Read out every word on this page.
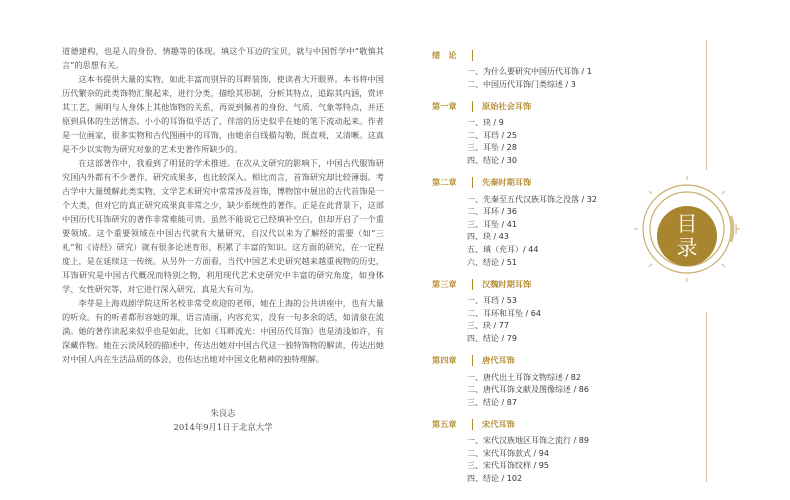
道德建构，也是人的身份、情趣等的体现。填这个耳边的宝贝，就与中国哲学中“敬慎其言”的思想有关。

这本书提供大量的实物，如此丰富而别异的耳畔装饰，使读者大开眼界。本书将中国历代繁杂的此类饰物汇聚起来，进行分类，描绘其形制，分析其特点，追踪其内涵，赏评其工艺，阐明与人身体上其他饰物的关系，再说到佩者的身份、气质、气象等特点，并还原到具体的生活情态。小小的耳饰似乎活了，伴溶的历史似乎在她的笔下流动起来。作者是一位画家，很多实物和古代图画中的耳饰，由她亲自线描勾勒，既直观，又清晰。这真是不少以实物为研究对象的艺术史著作所缺少的。

在这部著作中，我看到了明显的学术推进。在次从文研究的影响下，中国古代服饰研究国内外都有不少著作，研究成果多，也比较深入。相比而言，首饰研究却比较薄弱。考古学中大量缓解此类实物，文学艺术研究中常常涉及首饰，博物馆中展出的古代首饰是一个大类，但对它的真正研究成果真非常之少，缺少系统性的著作。正是在此背景下，这部中国历代耳饰研究的著作非常难能可贵。虽然不能说它已经填补空白，但却开启了一个重要领域。这个重要领域在中国古代就有大量研究，自汉代以来为了解经的需要（如“三礼”和《诗经》研究）就有很多论述育形，积累了丰富的知识。这方面的研究，在一定程度上，是在延续这一传统。从另外一方面看，当代中国艺术史研究越来越重视物的历史，耳饰研究是中国古代概况而特别之物，利用现代艺术史研究中丰富的研究角度，如身体学、女性研究等，对它进行深入研究，真是大有可为。

李芽是上海戏剧学院这所名校非常受欢迎的老师，她在上海的公共讲座中，也有大量的听众。有的听者都形容她的课，语言清丽，内容充实，没有一句多余的话，如清泉在流淌。她的著作读起来似乎也是如此，比如《耳畔流光：中国历代耳饰》也是清浅如许，有深藏作物。她在云淡风轻的描述中，传达出她对中国古代这一独特饰物的解读，传达出她对中国人内在生活品质的体会，也传达出她对中国文化精神的独特理解。

朱良志
2014年9月1日于北京大学
绪　论
一、为什么要研究中国历代耳饰 / 1
二、中国历代耳饰门类综述 / 3
第一章	原始社会耳饰
一、玦 / 9
二、耳珰 / 25
三、耳坠 / 28
四、结论 / 30
第二章	先秦时期耳饰
一、先秦至五代汉族耳饰之没落 / 32
二、耳环 / 36
三、耳坠 / 41
四、玦 / 43
五、瑱（充耳）/ 44
六、结论 / 51
第三章	汉魏时期耳饰
一、耳珰 / 53
二、耳环和耳坠 / 64
三、玦 / 77
四、结论 / 79
第四章	唐代耳饰
一、唐代出土耳饰文物综述 / 82
二、唐代耳饰文献及图像综述 / 86
三、结论 / 87
第五章	宋代耳饰
一、宋代汉族地区耳饰之流行 / 89
二、宋代耳饰款式 / 94
三、宋代耳饰纹样 / 95
四、结论 / 102
目
录
